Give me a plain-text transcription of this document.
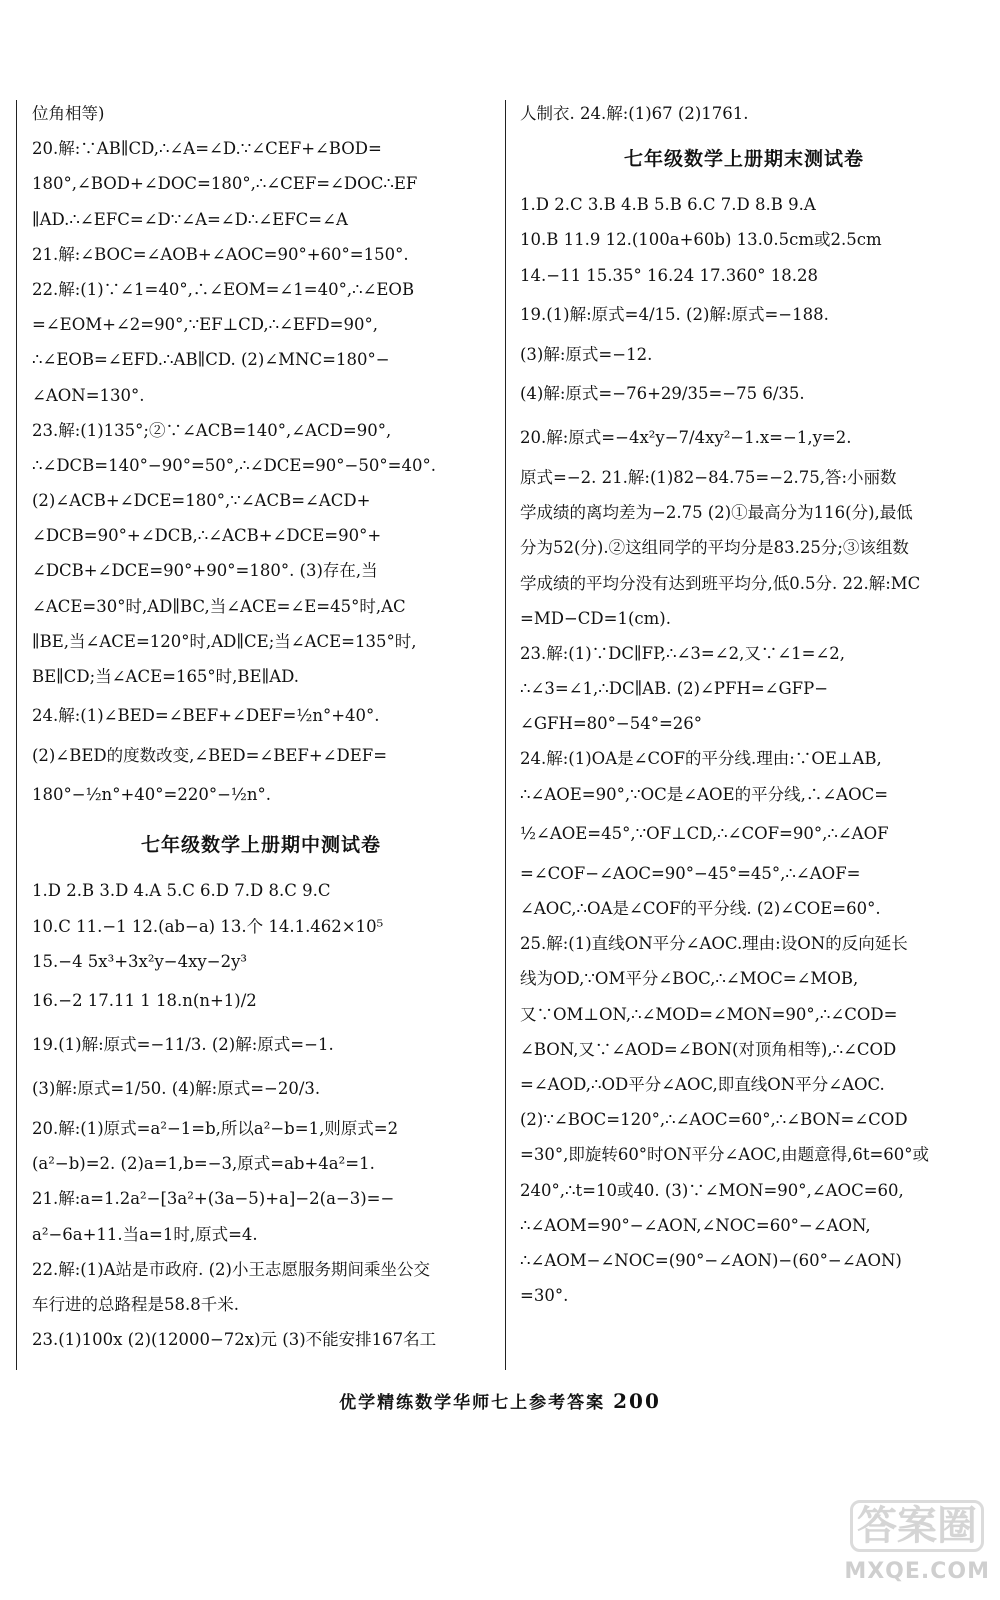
位角相等)
20.解:∵AB∥CD,∴∠A=∠D.∵∠CEF+∠BOD=
180°,∠BOD+∠DOC=180°,∴∠CEF=∠DOC∴EF
∥AD.∴∠EFC=∠D∵∠A=∠D∴∠EFC=∠A
21.解:∠BOC=∠AOB+∠AOC=90°+60°=150°.
22.解:(1)∵∠1=40°,∴∠EOM=∠1=40°,∴∠EOB
=∠EOM+∠2=90°,∵EF⊥CD,∴∠EFD=90°,
∴∠EOB=∠EFD.∴AB∥CD. (2)∠MNC=180°−
∠AON=130°.
23.解:(1)135°;②∵∠ACB=140°,∠ACD=90°,
∴∠DCB=140°−90°=50°,∴∠DCE=90°−50°=40°.
(2)∠ACB+∠DCE=180°,∵∠ACB=∠ACD+
∠DCB=90°+∠DCB,∴∠ACB+∠DCE=90°+
∠DCB+∠DCE=90°+90°=180°. (3)存在,当
∠ACE=30°时,AD∥BC,当∠ACE=∠E=45°时,AC
∥BE,当∠ACE=120°时,AD∥CE;当∠ACE=135°时,
BE∥CD;当∠ACE=165°时,BE∥AD.
24.解:(1)∠BED=∠BEF+∠DEF=½n°+40°.
(2)∠BED的度数改变,∠BED=∠BEF+∠DEF=
180°−½n°+40°=220°−½n°.
七年级数学上册期中测试卷
1.D 2.B 3.D 4.A 5.C 6.D 7.D 8.C 9.C
10.C 11.−1 12.(ab−a) 13.个 14.1.462×10⁵
15.−4 5x³+3x²y−4xy−2y³
16.−2 17.11 1 18.n(n+1)/2
19.(1)解:原式=−11/3. (2)解:原式=−1.
(3)解:原式=1/50. (4)解:原式=−20/3.
20.解:(1)原式=a²−1=b,所以a²−b=1,则原式=2
(a²−b)=2. (2)a=1,b=−3,原式=ab+4a²=1.
21.解:a=1.2a²−[3a²+(3a−5)+a]−2(a−3)=−
a²−6a+11.当a=1时,原式=4.
22.解:(1)A站是市政府. (2)小王志愿服务期间乘坐公交
车行进的总路程是58.8千米.
23.(1)100x (2)(12000−72x)元 (3)不能安排167名工
人制衣. 24.解:(1)67 (2)1761.
七年级数学上册期末测试卷
1.D 2.C 3.B 4.B 5.B 6.C 7.D 8.B 9.A
10.B 11.9 12.(100a+60b) 13.0.5cm或2.5cm
14.−11 15.35° 16.24 17.360° 18.28
19.(1)解:原式=4/15. (2)解:原式=−188.
(3)解:原式=−12.
(4)解:原式=−76+29/35=−75 6/35.
20.解:原式=−4x²y−7/4xy²−1.x=−1,y=2.
原式=−2. 21.解:(1)82−84.75=−2.75,答:小丽数
学成绩的离均差为−2.75 (2)①最高分为116(分),最低
分为52(分).②这组同学的平均分是83.25分;③该组数
学成绩的平均分没有达到班平均分,低0.5分. 22.解:MC
=MD−CD=1(cm).
23.解:(1)∵DC∥FP,∴∠3=∠2,又∵∠1=∠2,
∴∠3=∠1,∴DC∥AB. (2)∠PFH=∠GFP−
∠GFH=80°−54°=26°
24.解:(1)OA是∠COF的平分线.理由:∵OE⊥AB,
∴∠AOE=90°,∵OC是∠AOE的平分线,∴∠AOC=
½∠AOE=45°,∵OF⊥CD,∴∠COF=90°,∴∠AOF
=∠COF−∠AOC=90°−45°=45°,∴∠AOF=
∠AOC,∴OA是∠COF的平分线. (2)∠COE=60°.
25.解:(1)直线ON平分∠AOC.理由:设ON的反向延长
线为OD,∵OM平分∠BOC,∴∠MOC=∠MOB,
又∵OM⊥ON,∴∠MOD=∠MON=90°,∴∠COD=
∠BON,又∵∠AOD=∠BON(对顶角相等),∴∠COD
=∠AOD,∴OD平分∠AOC,即直线ON平分∠AOC.
(2)∵∠BOC=120°,∴∠AOC=60°,∴∠BON=∠COD
=30°,即旋转60°时ON平分∠AOC,由题意得,6t=60°或
240°,∴t=10或40. (3)∵∠MON=90°,∠AOC=60,
∴∠AOM=90°−∠AON,∠NOC=60°−∠AON,
∴∠AOM−∠NOC=(90°−∠AON)−(60°−∠AON)
=30°.
优学精练数学华师七上参考答案 200
答案圈
MXQE.COM
